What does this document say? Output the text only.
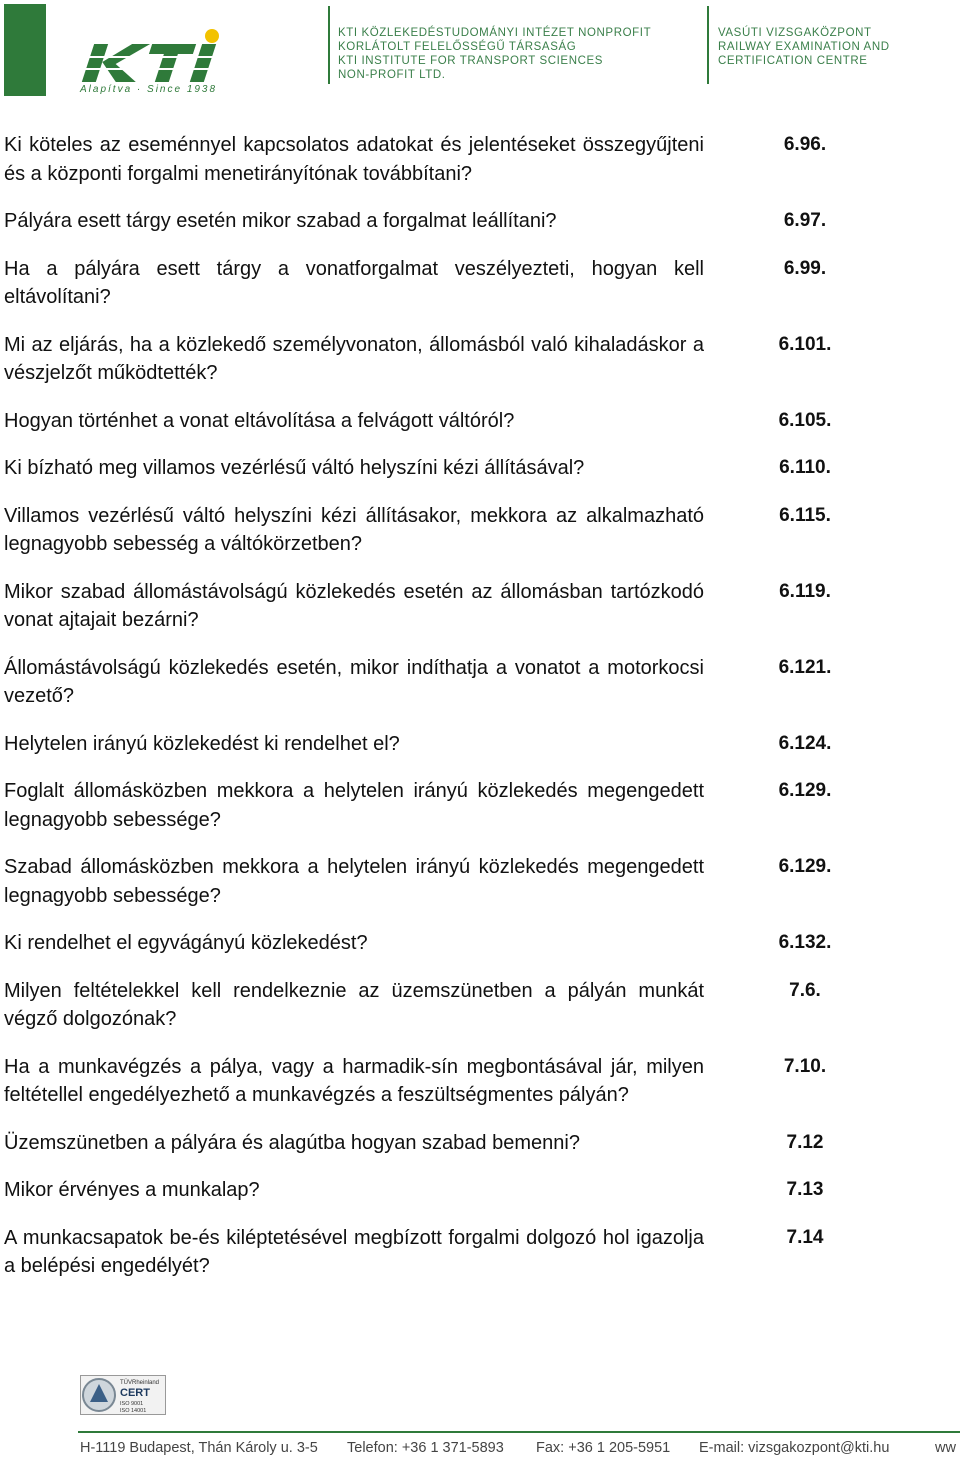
Alapítva · Since 1938
KTI KÖZLEKEDÉSTUDOMÁNYI INTÉZET NONPROFIT
KORLÁTOLT FELELŐSSÉGŰ TÁRSASÁG
KTI INSTITUTE FOR TRANSPORT SCIENCES
NON-PROFIT LTD.
VASÚTI VIZSGAKÖZPONT
RAILWAY EXAMINATION AND
CERTIFICATION CENTRE
Ki köteles az eseménnyel kapcsolatos adatokat és jelentéseket összegyűjteni és a központi forgalmi menetirányítónak továbbítani?
6.96.
Pályára esett tárgy esetén mikor szabad a forgalmat leállítani?	6.97.
Ha a pályára esett tárgy a vonatforgalmat veszélyezteti, hogyan kell eltávolítani?
6.99.
Mi az eljárás, ha a közlekedő személyvonaton, állomásból való kihaladáskor a vészjelzőt működtették?
6.101.
Hogyan történhet a vonat eltávolítása a felvágott váltóról?	6.105.
Ki bízható meg villamos vezérlésű váltó helyszíni kézi állításával?	6.110.
Villamos vezérlésű váltó helyszíni kézi állításakor, mekkora az alkalmazható legnagyobb sebesség a váltókörzetben?
6.115.
Mikor szabad állomástávolságú közlekedés esetén az állomásban tartózkodó vonat ajtajait bezárni?
6.119.
Állomástávolságú közlekedés esetén, mikor indíthatja a vonatot a motorkocsi vezető?
6.121.
Helytelen irányú közlekedést ki rendelhet el?	6.124.
Foglalt állomásközben mekkora a helytelen irányú közlekedés megengedett legnagyobb sebessége?
6.129.
Szabad állomásközben mekkora a helytelen irányú közlekedés megengedett legnagyobb sebessége?
6.129.
Ki rendelhet el egyvágányú közlekedést?	6.132.
Milyen feltételekkel kell rendelkeznie az üzemszünetben a pályán munkát végző dolgozónak?
7.6.
Ha a munkavégzés a pálya, vagy a harmadik-sín megbontásával jár, milyen feltétellel engedélyezhető a munkavégzés a feszültségmentes pályán?
7.10.
Üzemszünetben a pályára és alagútba hogyan szabad bemenni?	7.12
Mikor érvényes a munkalap?	7.13
A munkacsapatok be-és kiléptetésével megbízott forgalmi dolgozó hol igazolja a belépési engedélyét?
7.14
TÜVRheinland
CERT
ISO 9001
ISO 14001
H-1119 Budapest, Thán Károly u. 3-5 Telefon: +36 1 371-5893 Fax: +36 1 205-5951 E-mail: vizsgakozpont@kti.hu	ww
